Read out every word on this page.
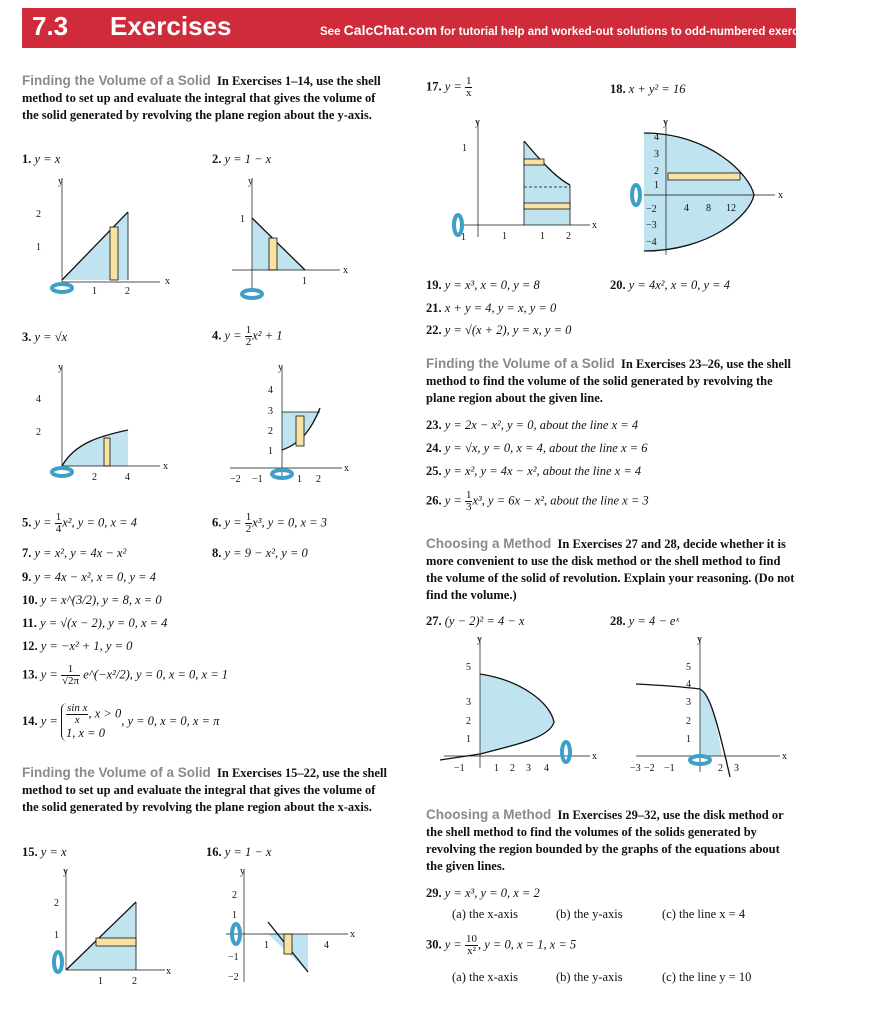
7.3 Exercises	See CalcChat.com for tutorial help and worked-out solutions to odd-numbered exercises.
Finding the Volume of a Solid In Exercises 1–14, use the shell method to set up and evaluate the integral that gives the volume of the solid generated by revolving the plane region about the y-axis.
1. y = x	2. y = 1 − x
x
y
2
1
1	2
x
y
1
1
3. y = √x	4. $y = \frac{1}{2} x^2 + 1$
x
y
4
2
2	4
x
y
4
3
2
1
−2 −1	1 2
5. $y = \frac{1}{4} x^2$, y = 0, x = 4	6. $y = \frac{1}{2} x^3$, y = 0, x = 3
7. y = x², y = 4x − x²	8. y = 9 − x², y = 0
9. y = 4x − x², x = 0, y = 4
10. y = x^(3/2), y = 8, x = 0
11. y = √(x − 2), y = 0, x = 4
12. y = −x² + 1, y = 0
13. $y = \frac{1}{√2\pi}$ e^(−x²/2), y = 0, x = 0, x = 1
14. $y = \frac{\text{sin x}}{x}$ , x > 0
1, x = 0
, y = 0, x = 0, x = π
Finding the Volume of a Solid In Exercises 15–22, use the shell method to set up and evaluate the integral that gives the volume of the solid generated by revolving the plane region about the x-axis.
15. y = x	16. y = 1 − x
x
y
2
1
1	2
x
y
2
1
−1
−2
1	4
17. $y = \frac{1}{x}$	18. x + y² = 16
x
y
1
1	1	1 2
x
y
4
3
2
1
−2
−3
−4
4 8 12
19. y = x³, x = 0, y = 8	20. y = 4x², x = 0, y = 4
21. x + y = 4, y = x, y = 0
22. y = √(x + 2), y = x, y = 0
Finding the Volume of a Solid In Exercises 23–26, use the shell method to find the volume of the solid generated by revolving the plane region about the given line.
23. y = 2x − x², y = 0, about the line x = 4
24. y = √x, y = 0, x = 4, about the line x = 6
25. y = x², y = 4x − x², about the line x = 4
26. $y = \frac{1}{3} x^3$, y = 6x − x², about the line x = 3
Choosing a Method In Exercises 27 and 28, decide whether it is more convenient to use the disk method or the shell method to find the volume of the solid of revolution. Explain your reasoning. (Do not find the volume.)
27. (y − 2)² = 4 − x	28. y = 4 − eˣ
x
y
5
3
2
1
−1	1 2 3 4
x
y
5
4
3
2
1
−3 −2 −1	2 3
Choosing a Method In Exercises 29–32, use the disk method or the shell method to find the volumes of the solids generated by revolving the region bounded by the graphs of the equations about the given lines.
29. y = x³, y = 0, x = 2
(a) the x-axis	(b) the y-axis	(c) the line x = 4
30. $y = \frac{10}{\text{x²}}$ , y = 0, x = 1, x = 5
(a) the x-axis	(b) the y-axis	(c) the line y = 10
